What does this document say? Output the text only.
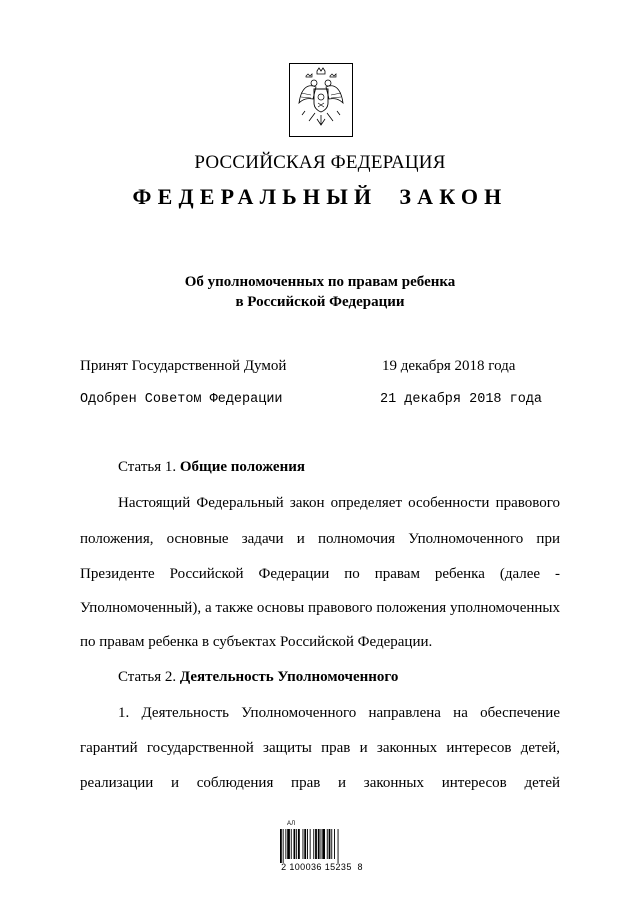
РОССИЙСКАЯ ФЕДЕРАЦИЯ
ФЕДЕРАЛЬНЫЙ ЗАКОН
Об уполномоченных по правам ребенка
в Российской Федерации
Принят Государственной Думой	19 декабря 2018 года
Одобрен Советом Федерации	21 декабря 2018 года
Статья 1. Общие положения
Настоящий Федеральный закон определяет особенности правового
положения, основные задачи и полномочия Уполномоченного при
Президенте Российской Федерации по правам ребенка (далее -
Уполномоченный), а также основы правового положения уполномоченных
по правам ребенка в субъектах Российской Федерации.
Статья 2. Деятельность Уполномоченного
1. Деятельность Уполномоченного направлена на обеспечение
гарантий государственной защиты прав и законных интересов детей,
реализации и соблюдения прав и законных интересов детей
АЛ
2 100036 15235  8
